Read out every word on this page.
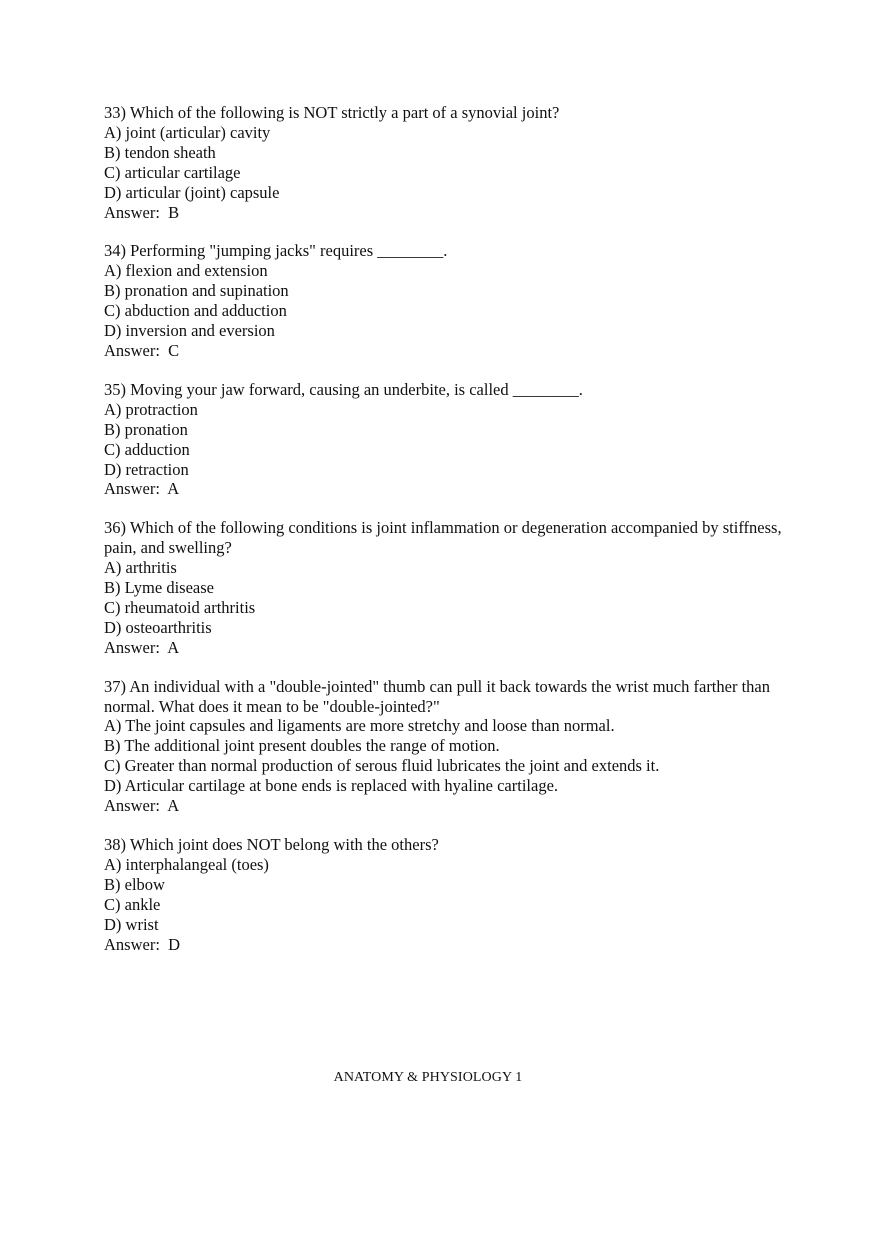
33) Which of the following is NOT strictly a part of a synovial joint?

A) joint (articular) cavity

B) tendon sheath

C) articular cartilage

D) articular (joint) capsule

Answer:  B

34) Performing "jumping jacks" requires ________.

A) flexion and extension

B) pronation and supination

C) abduction and adduction

D) inversion and eversion

Answer:  C

35) Moving your jaw forward, causing an underbite, is called ________.

A) protraction

B) pronation

C) adduction

D) retraction

Answer:  A

36) Which of the following conditions is joint inflammation or degeneration accompanied by stiffness, pain, and swelling?

A) arthritis

B) Lyme disease

C) rheumatoid arthritis

D) osteoarthritis

Answer:  A

37) An individual with a "double-jointed" thumb can pull it back towards the wrist much farther than normal. What does it mean to be "double-jointed?"

A) The joint capsules and ligaments are more stretchy and loose than normal.

B) The additional joint present doubles the range of motion.

C) Greater than normal production of serous fluid lubricates the joint and extends it.

D) Articular cartilage at bone ends is replaced with hyaline cartilage.

Answer:  A

38) Which joint does NOT belong with the others?

A) interphalangeal (toes)

B) elbow

C) ankle

D) wrist

Answer:  D

ANATOMY & PHYSIOLOGY 1
